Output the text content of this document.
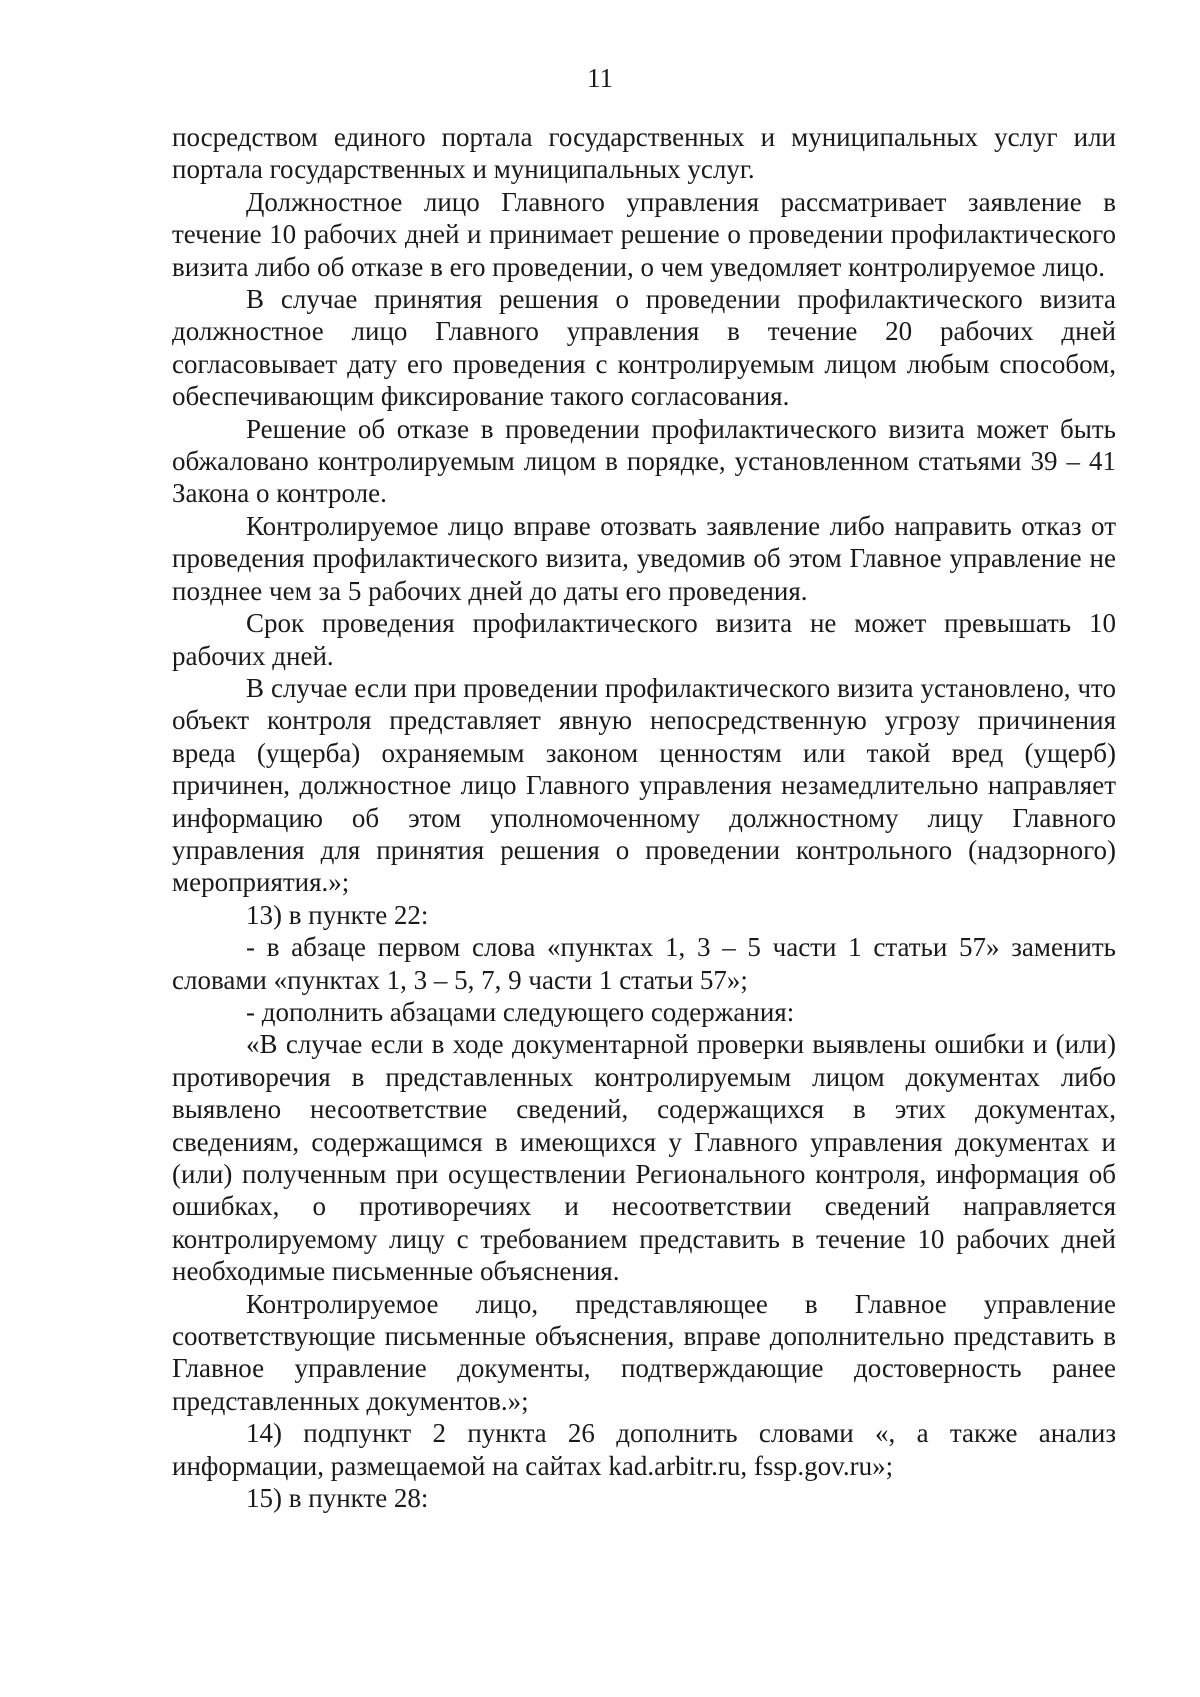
11

посредством единого портала государственных и муниципальных услуг или портала государственных и муниципальных услуг.

Должностное лицо Главного управления рассматривает заявление в течение 10 рабочих дней и принимает решение о проведении профилактического визита либо об отказе в его проведении, о чем уведомляет контролируемое лицо.

В случае принятия решения о проведении профилактического визита должностное лицо Главного управления в течение 20 рабочих дней согласовывает дату его проведения с контролируемым лицом любым способом, обеспечивающим фиксирование такого согласования.

Решение об отказе в проведении профилактического визита может быть обжаловано контролируемым лицом в порядке, установленном статьями 39 – 41 Закона о контроле.

Контролируемое лицо вправе отозвать заявление либо направить отказ от проведения профилактического визита, уведомив об этом Главное управление не позднее чем за 5 рабочих дней до даты его проведения.

Срок проведения профилактического визита не может превышать 10 рабочих дней.

В случае если при проведении профилактического визита установлено, что объект контроля представляет явную непосредственную угрозу причинения вреда (ущерба) охраняемым законом ценностям или такой вред (ущерб) причинен, должностное лицо Главного управления незамедлительно направляет информацию об этом уполномоченному должностному лицу Главного управления для принятия решения о проведении контрольного (надзорного) мероприятия.»;

13) в пункте 22:

- в абзаце первом слова «пунктах 1, 3 – 5 части 1 статьи 57» заменить словами «пунктах 1, 3 – 5, 7, 9 части 1 статьи 57»;

- дополнить абзацами следующего содержания:

«В случае если в ходе документарной проверки выявлены ошибки и (или) противоречия в представленных контролируемым лицом документах либо выявлено несоответствие сведений, содержащихся в этих документах, сведениям, содержащимся в имеющихся у Главного управления документах и (или) полученным при осуществлении Регионального контроля, информация об ошибках, о противоречиях и несоответствии сведений направляется контролируемому лицу с требованием представить в течение 10 рабочих дней необходимые письменные объяснения.

Контролируемое лицо, представляющее в Главное управление соответствующие письменные объяснения, вправе дополнительно представить в Главное управление документы, подтверждающие достоверность ранее представленных документов.»;

14) подпункт 2 пункта 26 дополнить словами «, а также анализ информации, размещаемой на сайтах kad.arbitr.ru, fssp.gov.ru»;

15) в пункте 28:
